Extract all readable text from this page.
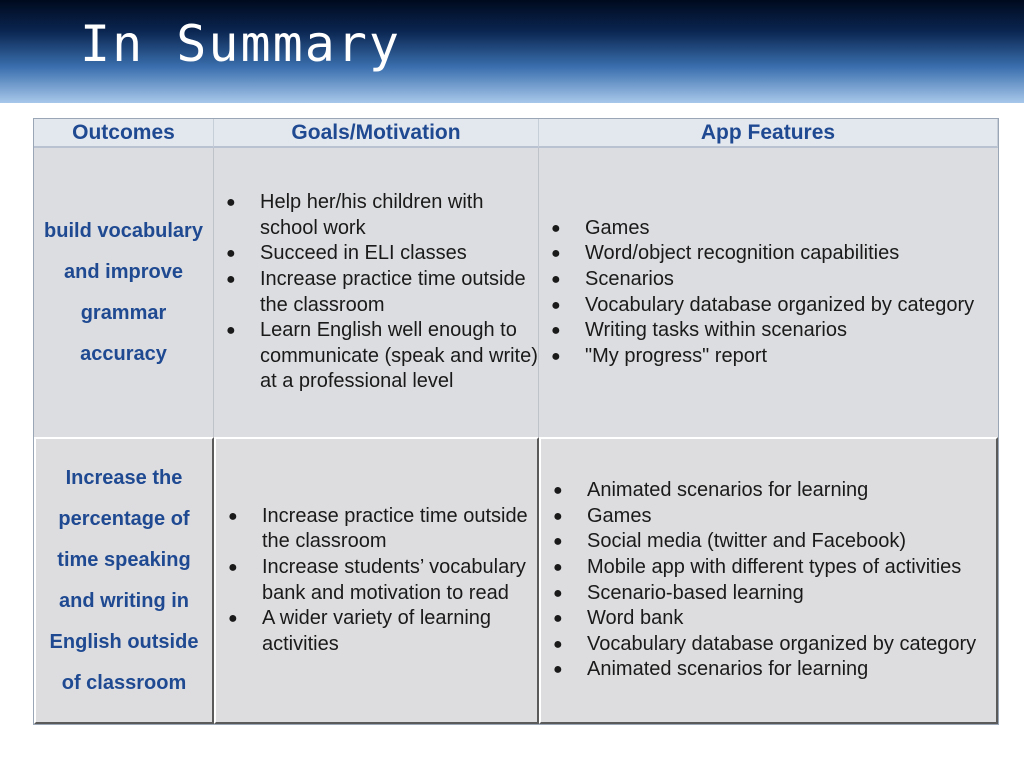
In Summary
Outcomes	Goals/Motivation	App Features
build vocabulary and improve grammar accuracy
● Help her/his children with school work
● Succeed in ELI classes
● Increase practice time outside the classroom
● Learn English well enough to communicate (speak and write) at a professional level
● Games
● Word/object recognition capabilities
● Scenarios
● Vocabulary database organized by category
● Writing tasks within scenarios
● "My progress" report
Increase the percentage of time speaking and writing in English outside of classroom
● Increase practice time outside the classroom
● Increase students’ vocabulary bank and motivation to read
● A wider variety of learning activities
● Animated scenarios for learning
● Games
● Social media (twitter and Facebook)
● Mobile app with different types of activities
● Scenario-based learning
● Word bank
● Vocabulary database organized by category
● Animated scenarios for learning
